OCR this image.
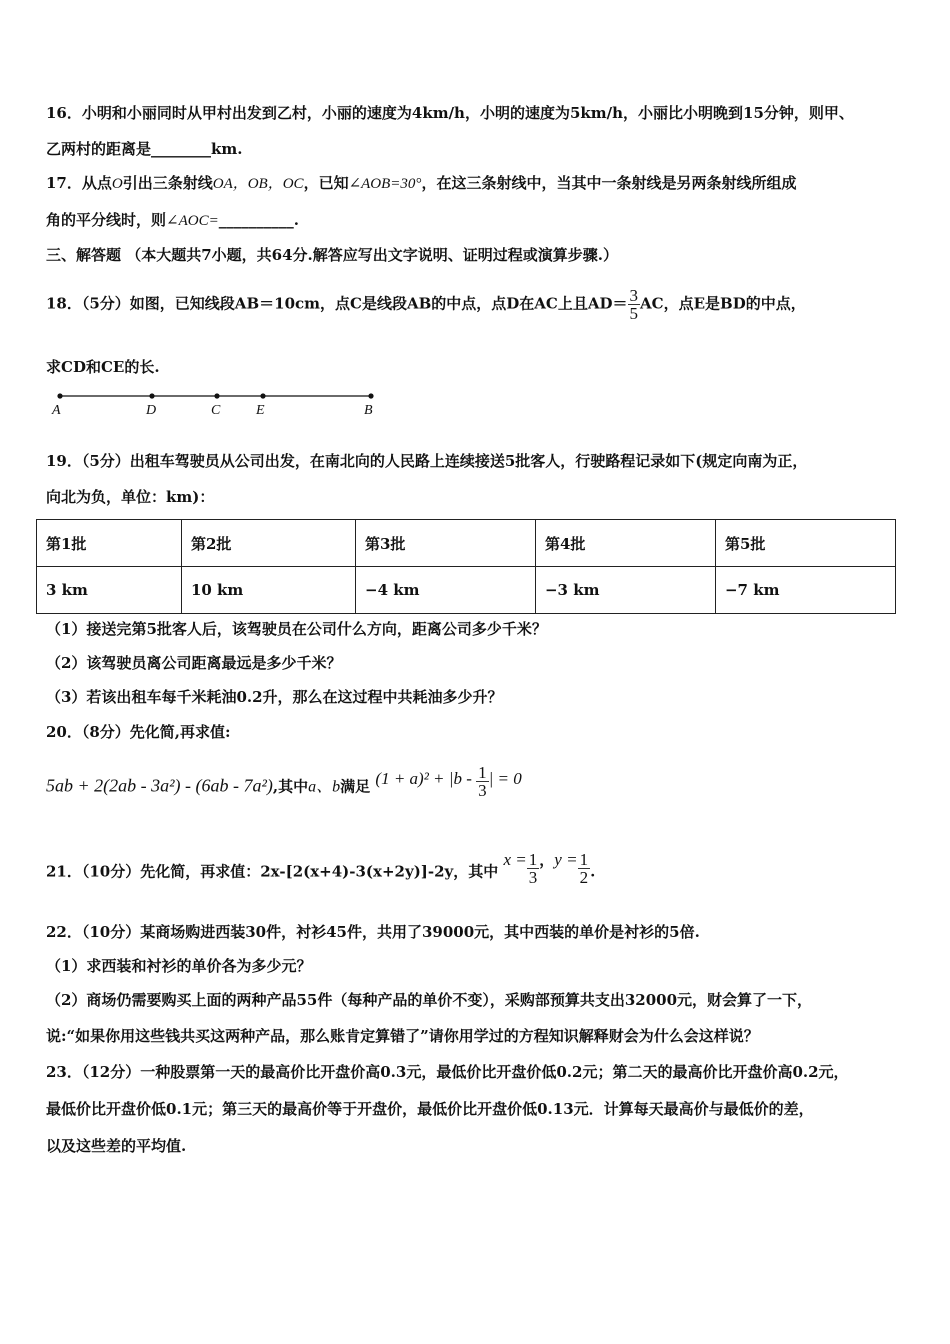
16．小明和小丽同时从甲村出发到乙村，小丽的速度为4km/h，小明的速度为5km/h，小丽比小明晚到15分钟，则甲、
乙两村的距离是________km.
17．从点O引出三条射线OA，OB，OC，已知∠AOB=30°，在这三条射线中，当其中一条射线是另两条射线所组成
角的平分线时，则∠AOC=__________.
三、解答题 （本大题共7小题，共64分.解答应写出文字说明、证明过程或演算步骤.）
18．（5分）如图，已知线段AB＝10cm，点C是线段AB的中点，点D在AC上且$AD= \frac{3}{5}$ AC，点E是BD的中点，
求CD和CE的长.
A	D	C	E	B
19．（5分）出租车驾驶员从公司出发，在南北向的人民路上连续接送5批客人，行驶路程记录如下(规定向南为正，
向北为负，单位：km)：
第1批	第2批	第3批	第4批	第5批
3 km	10 km	−4 km	−3 km	−7 km
（1）接送完第5批客人后，该驾驶员在公司什么方向，距离公司多少千米？
（2）该驾驶员离公司距离最远是多少千米？
（3）若该出租车每千米耗油0.2升，那么在这过程中共耗油多少升？
20．（8分）先化简,再求值:
5ab + 2(2ab - 3a²) - (6ab - 7a²),其中a、b满足 $(1 + a)^2 + |b - \frac{1}{3}$ | = 0
21．（10分）先化简，再求值：2x-[2(x+4)-3(x+2y)]-2y，其中 $x = \frac{1}{3}$ ，$y = \frac{1}{2}$ .
22．（10分）某商场购进西装30件，衬衫45件，共用了39000元，其中西装的单价是衬衫的5倍.
（1）求西装和衬衫的单价各为多少元？
（2）商场仍需要购买上面的两种产品55件（每种产品的单价不变），采购部预算共支出32000元，财会算了一下，
说:“如果你用这些钱共买这两种产品，那么账肯定算错了”请你用学过的方程知识解释财会为什么会这样说？
23．（12分）一种股票第一天的最高价比开盘价高0.3元，最低价比开盘价低0.2元；第二天的最高价比开盘价高0.2元，
最低价比开盘价低0.1元；第三天的最高价等于开盘价，最低价比开盘价低0.13元．计算每天最高价与最低价的差，
以及这些差的平均值.
